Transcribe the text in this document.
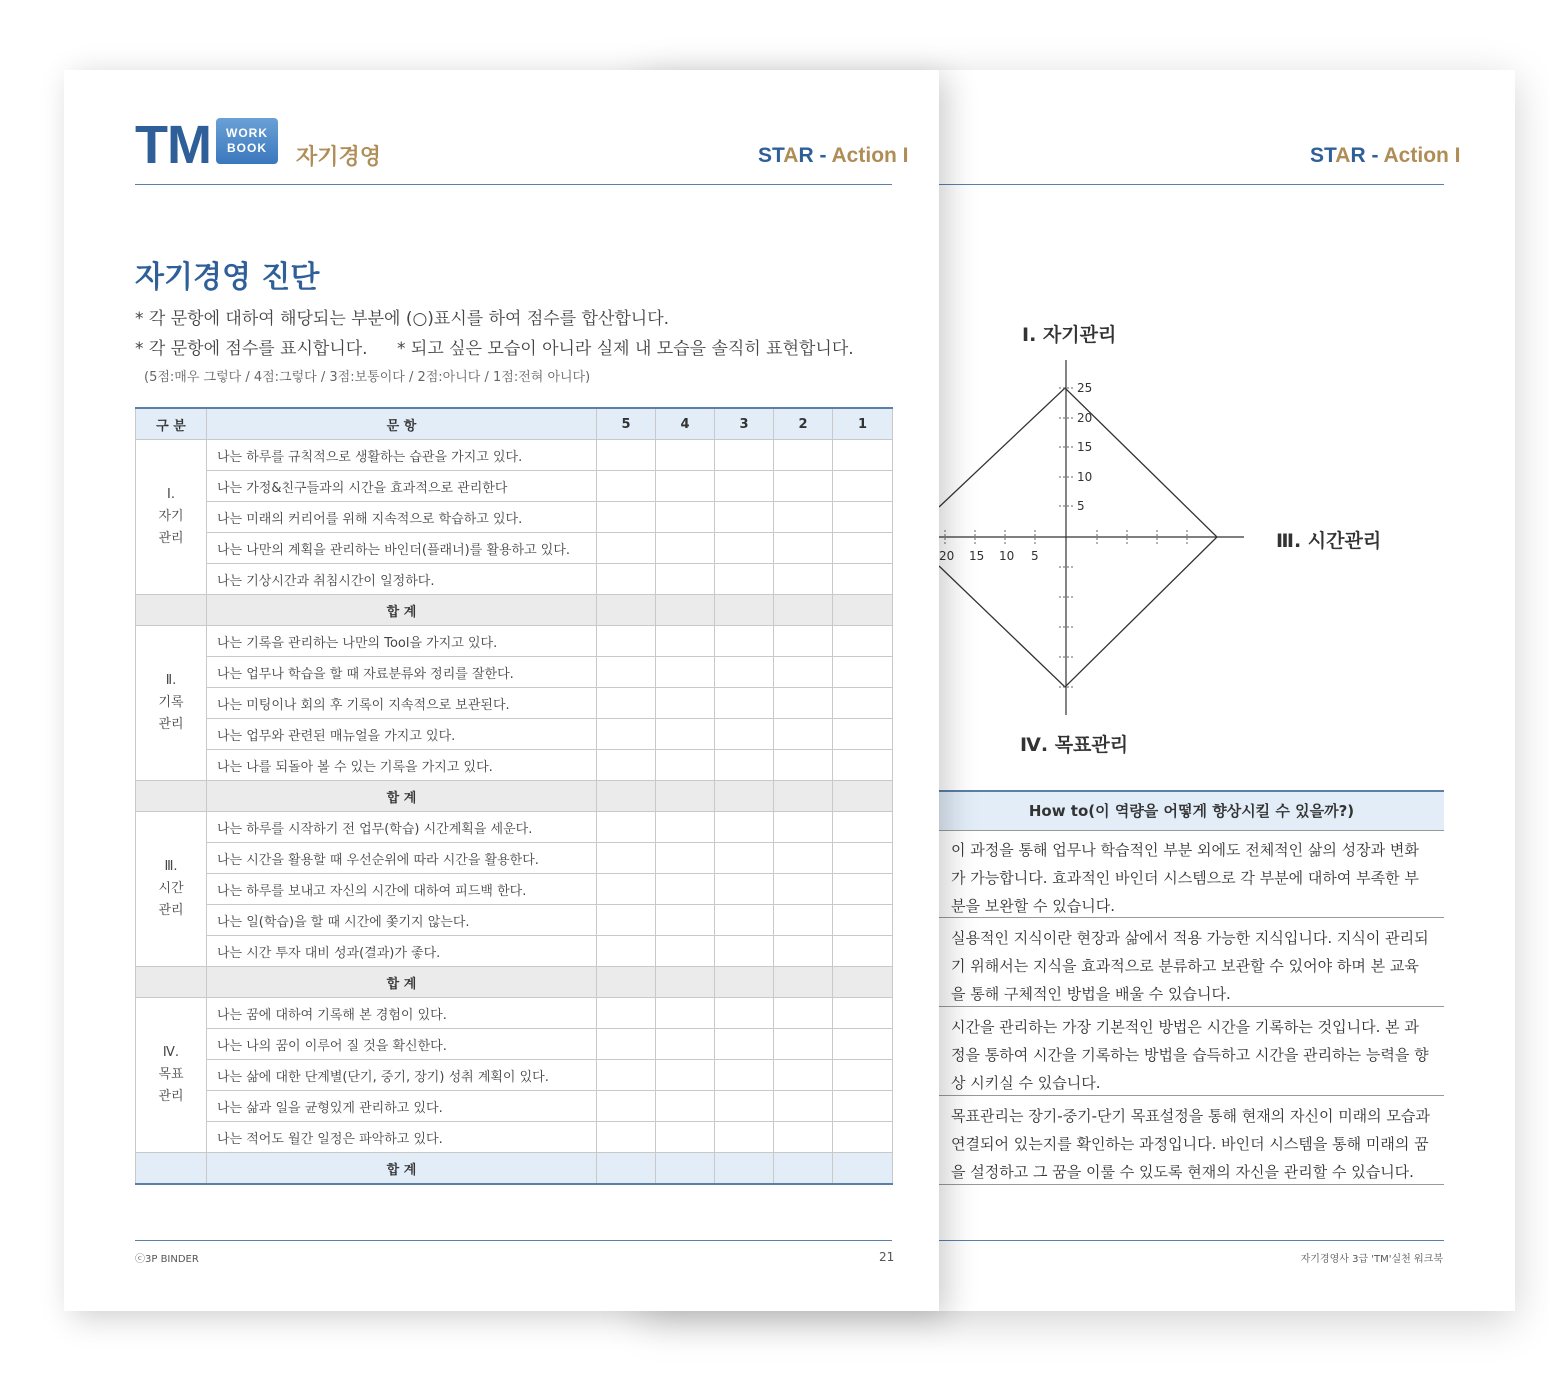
STAR - Action I
Ⅰ. 자기관리
Ⅲ. 시간관리
Ⅳ. 목표관리
25
20
15
10
5
20 15 10 5
How to(이 역량을 어떻게 향상시킬 수 있을까?)
이 과정을 통해 업무나 학습적인 부분 외에도 전체적인 삶의 성장과 변화가 가능합니다. 효과적인 바인더 시스템으로 각 부분에 대하여 부족한 부분을 보완할 수 있습니다.
실용적인 지식이란 현장과 삶에서 적용 가능한 지식입니다. 지식이 관리되기 위해서는 지식을 효과적으로 분류하고 보관할 수 있어야 하며 본 교육을 통해 구체적인 방법을 배울 수 있습니다.
시간을 관리하는 가장 기본적인 방법은 시간을 기록하는 것입니다. 본 과정을 통하여 시간을 기록하는 방법을 습득하고 시간을 관리하는 능력을 향상 시키실 수 있습니다.
목표관리는 장기-중기-단기 목표설정을 통해 현재의 자신이 미래의 모습과 연결되어 있는지를 확인하는 과정입니다. 바인더 시스템을 통해 미래의 꿈을 설정하고 그 꿈을 이룰 수 있도록 현재의 자신을 관리할 수 있습니다.
자기경영사 3급 'TM'실천 워크북
TM	WORK
BOOK	자기경영	STAR - Action I
자기경영 진단
* 각 문항에 대하여 해당되는 부분에 (○)표시를 하여 점수를 합산합니다.
* 각 문항에 점수를 표시합니다. * 되고 싶은 모습이 아니라 실제 내 모습을 솔직히 표현합니다.
(5점:매우 그렇다 / 4점:그렇다 / 3점:보통이다 / 2점:아니다 / 1점:전혀 아니다)
구 분	문 항	5	4	3	2	1

Ⅰ.
자기
관리	나는 하루를 규칙적으로 생활하는 습관을 가지고 있다.					
	나는 가정&친구들과의 시간을 효과적으로 관리한다					
	나는 미래의 커리어를 위해 지속적으로 학습하고 있다.					
	나는 나만의 계획을 관리하는 바인더(플래너)를 활용하고 있다.					
	나는 기상시간과 취침시간이 일정하다.					
	합 계					

Ⅱ.
기록
관리	나는 기록을 관리하는 나만의 Tool을 가지고 있다.					
	나는 업무나 학습을 할 때 자료분류와 정리를 잘한다.					
	나는 미팅이나 회의 후 기록이 지속적으로 보관된다.					
	나는 업무와 관련된 매뉴얼을 가지고 있다.					
	나는 나를 되돌아 볼 수 있는 기록을 가지고 있다.					
	합 계					

Ⅲ.
시간
관리	나는 하루를 시작하기 전 업무(학습) 시간계획을 세운다.					
	나는 시간을 활용할 때 우선순위에 따라 시간을 활용한다.					
	나는 하루를 보내고 자신의 시간에 대하여 피드백 한다.					
	나는 일(학습)을 할 때 시간에 쫓기지 않는다.					
	나는 시간 투자 대비 성과(결과)가 좋다.					
	합 계					

Ⅳ.
목표
관리	나는 꿈에 대하여 기록해 본 경험이 있다.					
	나는 나의 꿈이 이루어 질 것을 확신한다.					
	나는 삶에 대한 단계별(단기, 중기, 장기) 성취 계획이 있다.					
	나는 삶과 일을 균형있게 관리하고 있다.					
	나는 적어도 월간 일정은 파악하고 있다.					
	합 계					
ⓒ3P BINDER	21
